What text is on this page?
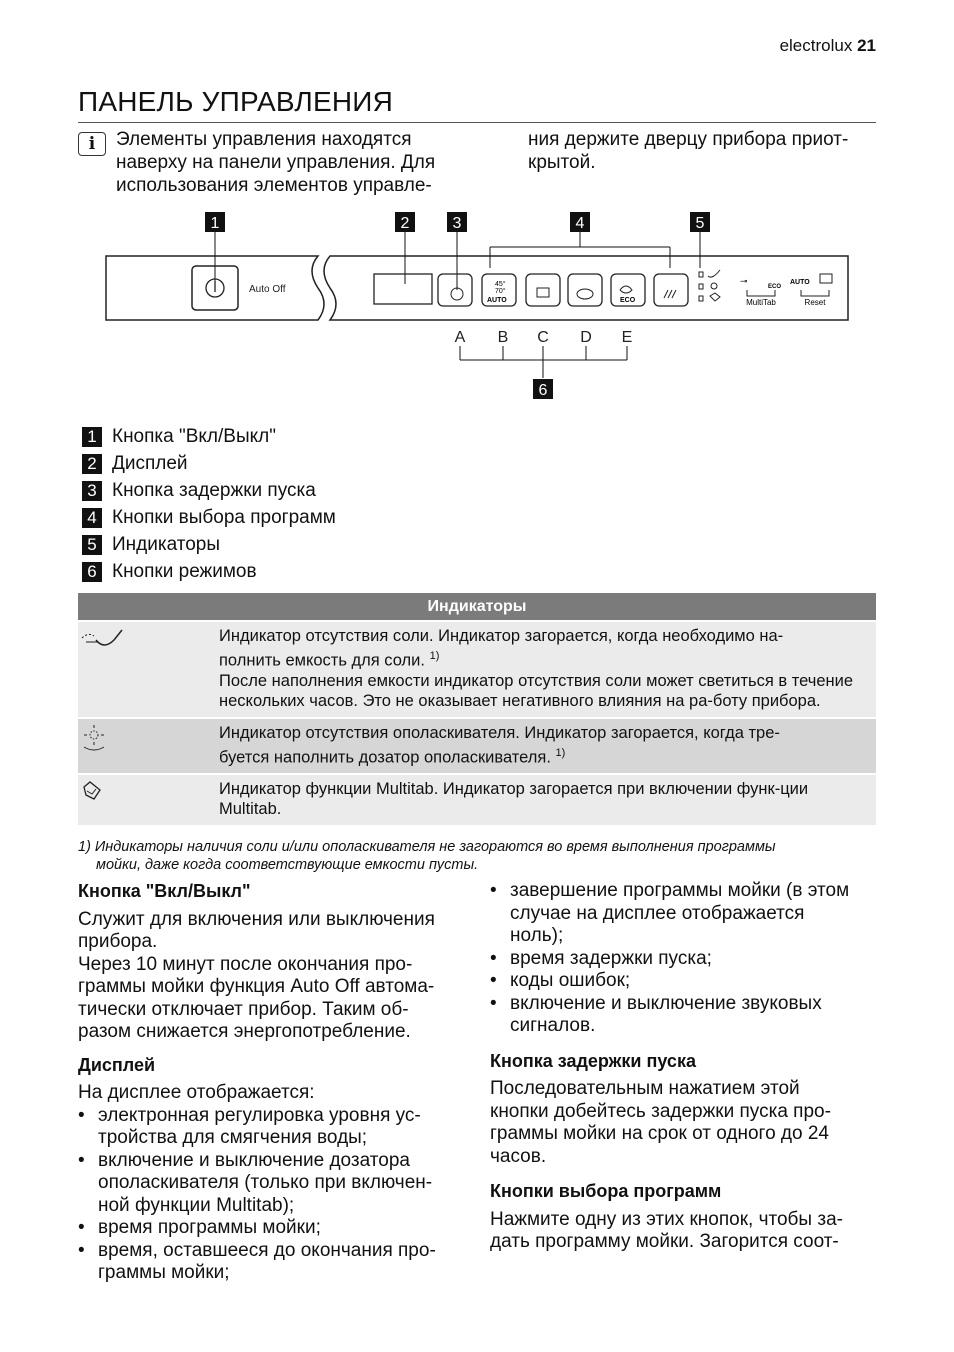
electrolux 21
ПАНЕЛЬ УПРАВЛЕНИЯ
i	Элементы управления находятся
наверху на панели управления. Для
использования элементов управле-
ния держите дверцу прибора приот-
крытой.
1
Auto Off
2	3	4
45°
70°
AUTO	ECO
5
⊸
ECO
AUTO
MultiTab	Reset
A B C D E
6
1 Кнопка "Вкл/Выкл"
2 Дисплей
3 Кнопка задержки пуска
4 Кнопки выбора программ
5 Индикаторы
6 Кнопки режимов
Индикаторы	

Индикатор отсутствия соли. Индикатор загорается, когда необходимо на-
полнить емкость для соли. $^{1)}$
После наполнения емкости индикатор отсутствия соли может светиться в течение нескольких часов. Это не оказывает негативного влияния на ра-боту прибора.

Индикатор отсутствия ополаскивателя. Индикатор загорается, когда тре-
буется наполнить дозатор ополаскивателя. $^{1)}$

Индикатор функции Multitab. Индикатор загорается при включении функ-ции Multitab.
1) Индикаторы наличия соли и/или ополаскивателя не загораются во время выполнения программы
мойки, даже когда соответствующие емкости пусты.
Кнопка "Вкл/Выкл"

Служит для включения или выключения

прибора.

Через 10 минут после окончания про-

граммы мойки функция Auto Off автома-

тически отключает прибор. Таким об-

разом снижается энергопотребление.

Дисплей

На дисплее отображается:

• электронная регулировка уровня ус-
тройства для смягчения воды;
• включение и выключение дозатора
ополаскивателя (только при включен-
ной функции Multitab);
• время программы мойки;
• время, оставшееся до окончания про-
граммы мойки;
• завершение программы мойки (в этом
случае на дисплее отображается
ноль);
• время задержки пуска;
• коды ошибок;
• включение и выключение звуковых
сигналов.
Кнопка задержки пуска

Последовательным нажатием этой

кнопки добейтесь задержки пуска про-

граммы мойки на срок от одного до 24

часов.

Кнопки выбора программ

Нажмите одну из этих кнопок, чтобы за-

дать программу мойки. Загорится соот-
